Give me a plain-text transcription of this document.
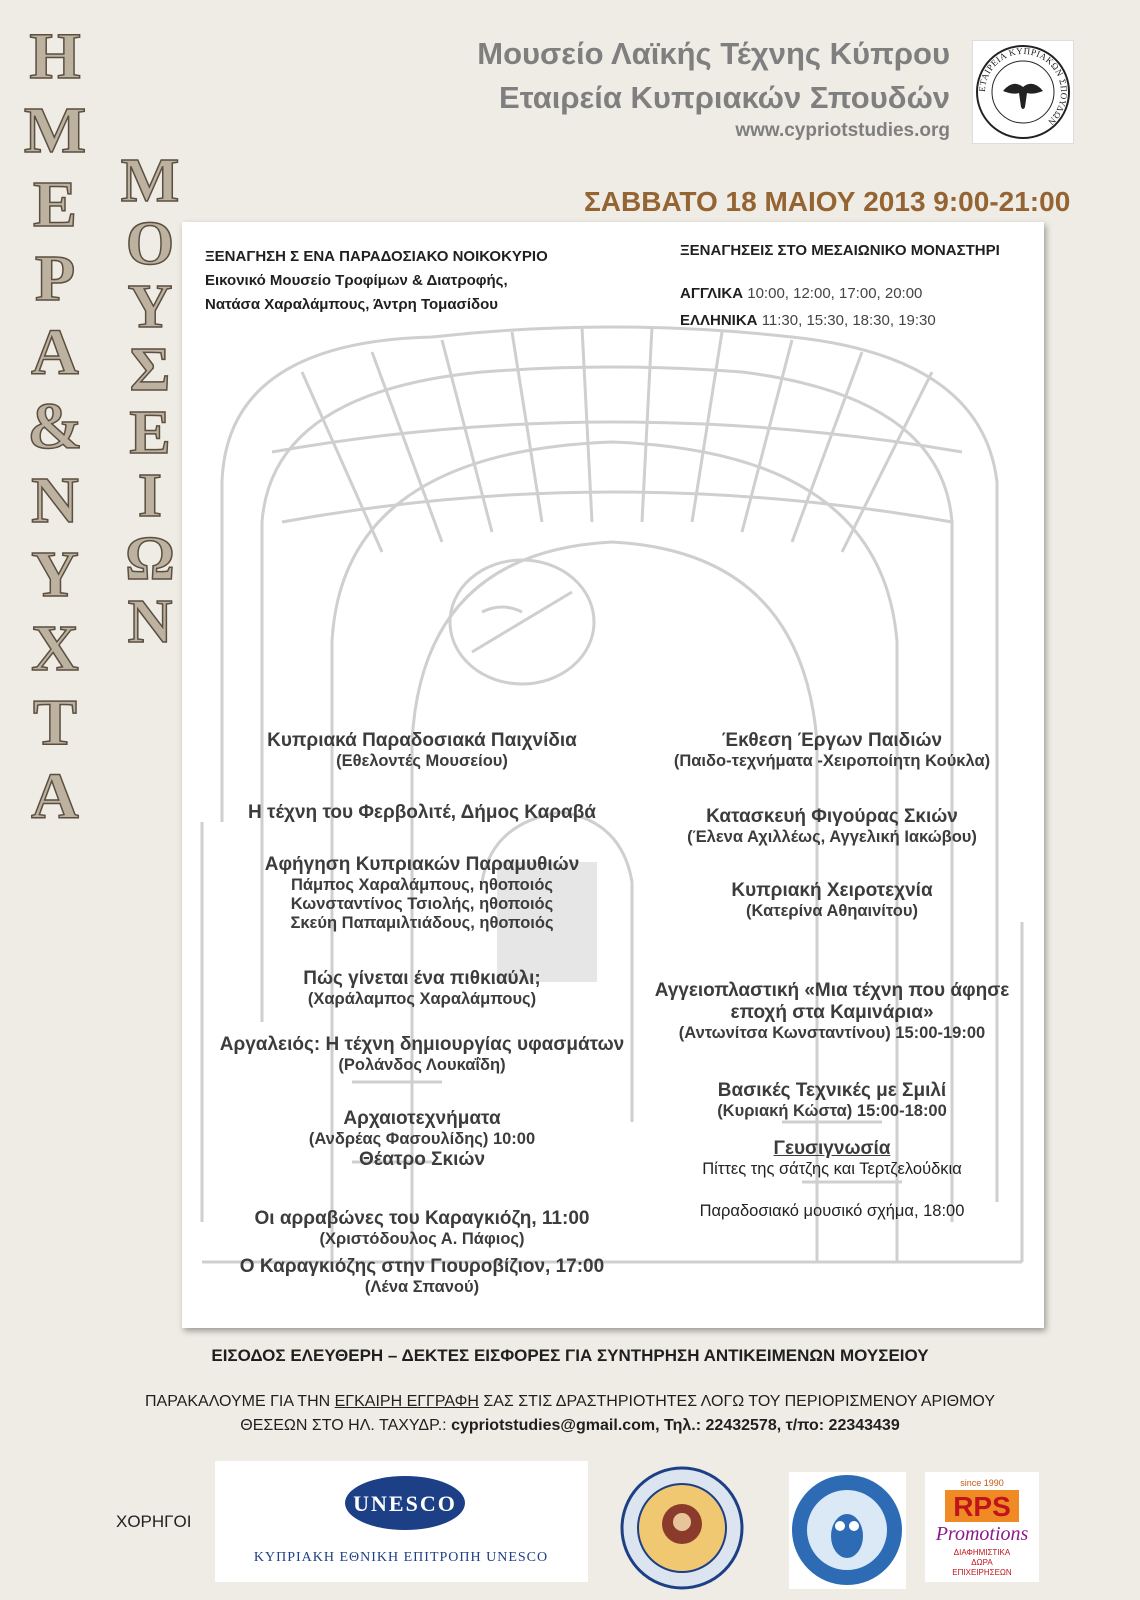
Η
Μ
Ε
Ρ
Α
&
Ν
Υ
Χ
Τ
Α
Μ
Ο
Υ
Σ
Ε
Ι
Ω
Ν
Μουσείο Λαϊκής Τέχνης Κύπρου
Εταιρεία Κυπριακών Σπουδών
www.cypriotstudies.org
ΕΤΑΙΡΕΙΑ ΚΥΠΡΙΑΚΩΝ ΣΠΟΥΔΩΝ
ΣΑΒΒΑΤΟ 18 ΜΑΙΟΥ 2013 9:00-21:00
ΞΕΝΑΓΗΣΗ Σ ΕΝΑ ΠΑΡΑΔΟΣΙΑΚΟ ΝΟΙΚΟΚΥΡΙΟ
Εικονικό Μουσείο Τροφίμων & Διατροφής,
Νατάσα Χαραλάμπους, Άντρη Τομασίδου
ΞΕΝΑΓΗΣΕΙΣ ΣΤΟ ΜΕΣΑΙΩΝΙΚΟ ΜΟΝΑΣΤΗΡΙ
ΑΓΓΛΙΚΑ 10:00, 12:00, 17:00, 20:00
ΕΛΛΗΝΙΚΑ 11:30, 15:30, 18:30, 19:30
Κυπριακά Παραδοσιακά Παιχνίδια
(Εθελοντές Μουσείου)
Η τέχνη του Φερβολιτέ, Δήμος Καραβά
Αφήγηση Κυπριακών Παραμυθιών
Πάμπος Χαραλάμπους, ηθοποιός
Κωνσταντίνος Τσιολής, ηθοποιός
Σκεύη Παπαμιλτιάδους, ηθοποιός
Πώς γίνεται ένα πιθκιαύλι;
(Χαράλαμπος Χαραλάμπους)
Αργαλειός: Η τέχνη δημιουργίας υφασμάτων
(Ρολάνδος Λουκαΐδη)
Αρχαιοτεχνήματα
(Ανδρέας Φασουλίδης) 10:00
Θέατρο Σκιών
Οι αρραβώνες του Καραγκιόζη, 11:00
(Χριστόδουλος Α. Πάφιος)
Ο Καραγκιόζης στην Γιουροβίζιον, 17:00
(Λένα Σπανού)
Έκθεση Έργων Παιδιών
(Παιδο-τεχνήματα -Χειροποίητη Κούκλα)
Κατασκευή Φιγούρας Σκιών
(Έλενα Αχιλλέως, Αγγελική Ιακώβου)
Κυπριακή Χειροτεχνία
(Κατερίνα Αθηαινίτου)
Αγγειοπλαστική «Μια τέχνη που άφησε
εποχή στα Καμινάρια»
(Αντωνίτσα Κωνσταντίνου) 15:00-19:00
Βασικές Τεχνικές με Σμιλί
(Κυριακή Κώστα) 15:00-18:00
Γευσιγνωσία
Πίττες της σάτζης και Τερτζελούδκια
Παραδοσιακό μουσικό σχήμα, 18:00
ΕΙΣΟΔΟΣ ΕΛΕΥΘΕΡΗ – ΔΕΚΤΕΣ ΕΙΣΦΟΡΕΣ ΓΙΑ ΣΥΝΤΗΡΗΣΗ ΑΝΤΙΚΕΙΜΕΝΩΝ ΜΟΥΣΕΙΟΥ
ΠΑΡΑΚΑΛΟΥΜΕ ΓΙΑ ΤΗΝ ΕΓΚΑΙΡΗ ΕΓΓΡΑΦΗ ΣΑΣ ΣΤΙΣ ΔΡΑΣΤΗΡΙΟΤΗΤΕΣ ΛΟΓΩ ΤΟΥ ΠΕΡΙΟΡΙΣΜΕΝΟΥ ΑΡΙΘΜΟΥ
ΘΕΣΕΩΝ ΣΤΟ ΗΛ. ΤΑΧΥΔΡ.: cypriotstudies@gmail.com, Τηλ.: 22432578, τ/πο: 22343439
ΧΟΡΗΓΟΙ
UNESCO
ΚΥΠΡΙΑΚΗ ΕΘΝΙΚΗ ΕΠΙΤΡΟΠΗ UNESCO
since 1990
RPS
Promotions
ΔΙΑΦΗΜΙΣΤΙΚΑ
ΔΩΡΑ
ΕΠΙΧΕΙΡΗΣΕΩΝ
